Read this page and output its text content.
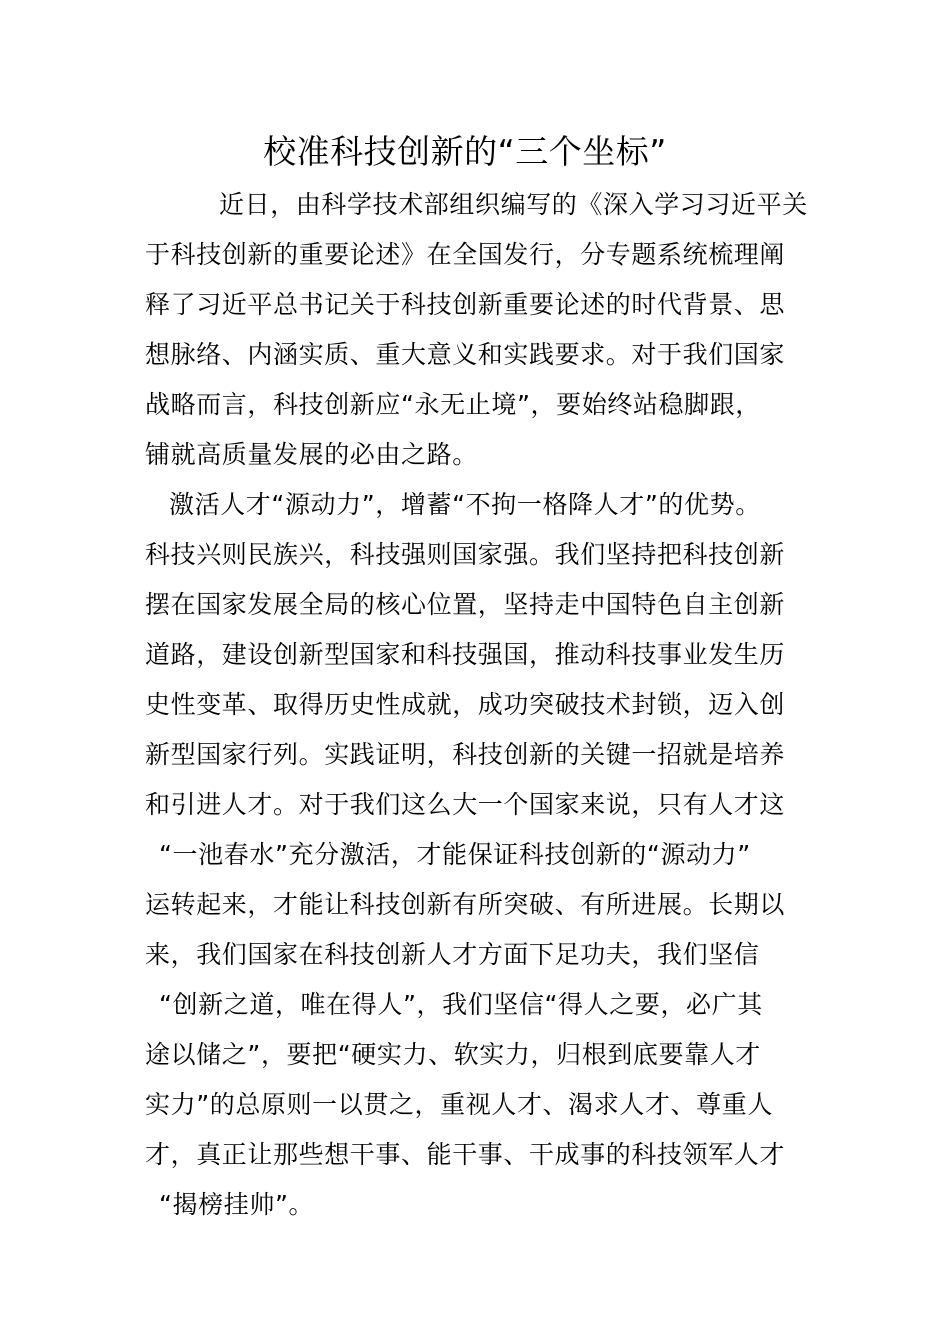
校准科技创新的“三个坐标”
近日，由科学技术部组织编写的《深入学习习近平关
于科技创新的重要论述》在全国发行，分专题系统梳理阐
释了习近平总书记关于科技创新重要论述的时代背景、思
想脉络、内涵实质、重大意义和实践要求。对于我们国家
战略而言，科技创新应“永无止境”，要始终站稳脚跟，
铺就高质量发展的必由之路。
激活人才“源动力”，增蓄“不拘一格降人才”的优势。
科技兴则民族兴，科技强则国家强。我们坚持把科技创新
摆在国家发展全局的核心位置，坚持走中国特色自主创新
道路，建设创新型国家和科技强国，推动科技事业发生历
史性变革、取得历史性成就，成功突破技术封锁，迈入创
新型国家行列。实践证明，科技创新的关键一招就是培养
和引进人才。对于我们这么大一个国家来说，只有人才这
“一池春水”充分激活，才能保证科技创新的“源动力”
运转起来，才能让科技创新有所突破、有所进展。长期以
来，我们国家在科技创新人才方面下足功夫，我们坚信
“创新之道，唯在得人”，我们坚信“得人之要，必广其
途以储之”，要把“硬实力、软实力，归根到底要靠人才
实力”的总原则一以贯之，重视人才、渴求人才、尊重人
才，真正让那些想干事、能干事、干成事的科技领军人才
“揭榜挂帅”。
